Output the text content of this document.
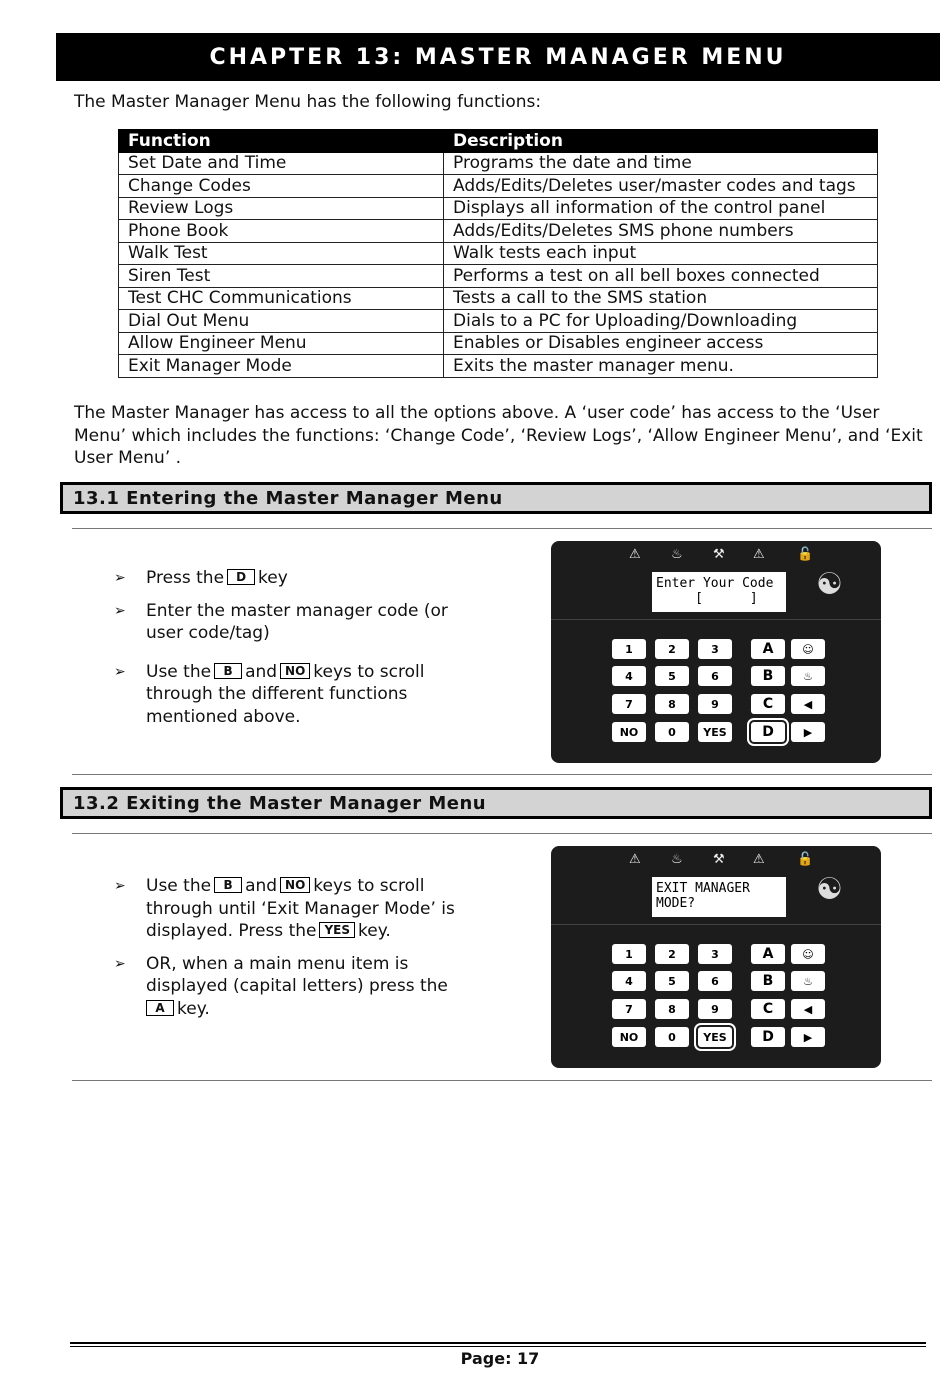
CHAPTER 13: MASTER MANAGER MENU
The Master Manager Menu has the following functions:
Function	Description
Set Date and Time	Programs the date and time
Change Codes	Adds/Edits/Deletes user/master codes and tags
Review Logs	Displays all information of the control panel
Phone Book	Adds/Edits/Deletes SMS phone numbers
Walk Test	Walk tests each input
Siren Test	Performs a test on all bell boxes connected
Test CHC Communications	Tests a call to the SMS station
Dial Out Menu	Dials to a PC for Uploading/Downloading
Allow Engineer Menu	Enables or Disables engineer access
Exit Manager Mode	Exits the master manager menu.
The Master Manager has access to all the options above. A ‘user code’ has access to the ‘User Menu’ which includes the functions: ‘Change Code’, ‘Review Logs’, ‘Allow Engineer Menu’, and ‘Exit User Menu’ .
13.1 Entering the Master Manager Menu
➢ Press the D key
➢ Enter the master manager code (or user code/tag)
➢ Use the B and NO keys to scroll through the different functions mentioned above.
⚠ ♨ ⚒ ⚠ 🔓
Enter Your Code
[      ]	☯
1	2	3	A	☺
4	5	6	B	♨
7	8	9	C	◀
NO	0	YES	D	▶
13.2 Exiting the Master Manager Menu
➢ Use the B and NO keys to scroll through until ‘Exit Manager Mode’ is displayed. Press the YES key.
➢ OR, when a main menu item is displayed (capital letters) press the
A key.
⚠ ♨ ⚒ ⚠ 🔓
EXIT MANAGER
MODE?	☯
1	2	3	A	☺
4	5	6	B	♨
7	8	9	C	◀
NO	0	YES	D	▶
Page: 17
